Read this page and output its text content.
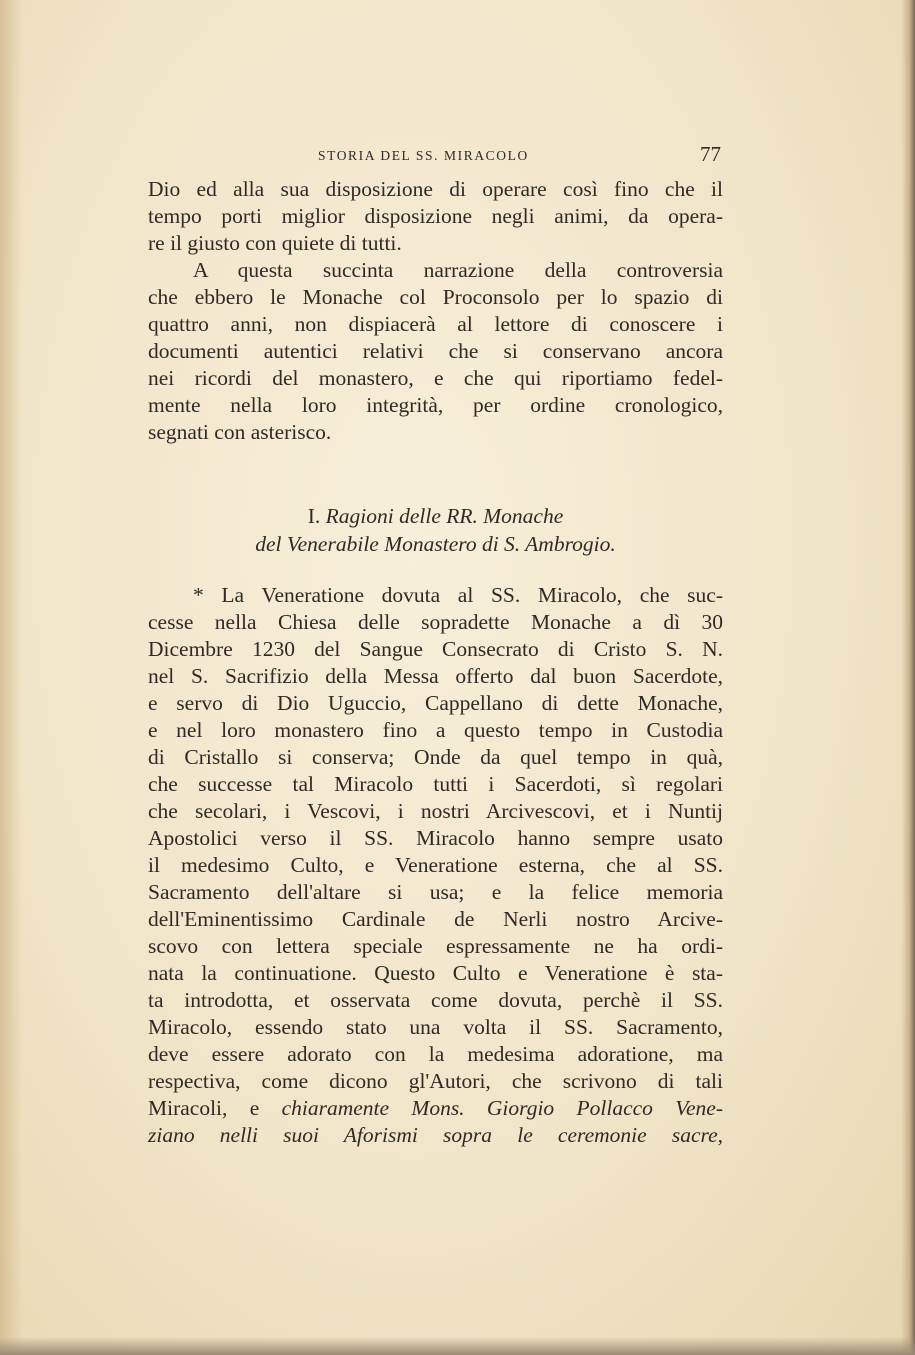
STORIA DEL SS. MIRACOLO	77
Dio ed alla sua disposizione di operare così fino che il
tempo porti miglior disposizione negli animi, da opera-
re il giusto con quiete di tutti.
A questa succinta narrazione della controversia
che ebbero le Monache col Proconsolo per lo spazio di
quattro anni, non dispiacerà al lettore di conoscere i
documenti autentici relativi che si conservano ancora
nei ricordi del monastero, e che qui riportiamo fedel-
mente nella loro integrità, per ordine cronologico,
segnati con asterisco.
I. Ragioni delle RR. Monache
del Venerabile Monastero di S. Ambrogio.
* La Veneratione dovuta al SS. Miracolo, che suc-
cesse nella Chiesa delle sopradette Monache a dì 30
Dicembre 1230 del Sangue Consecrato di Cristo S. N.
nel S. Sacrifizio della Messa offerto dal buon Sacerdote,
e servo di Dio Uguccio, Cappellano di dette Monache,
e nel loro monastero fino a questo tempo in Custodia
di Cristallo si conserva; Onde da quel tempo in quà,
che successe tal Miracolo tutti i Sacerdoti, sì regolari
che secolari, i Vescovi, i nostri Arcivescovi, et i Nuntij
Apostolici verso il SS. Miracolo hanno sempre usato
il medesimo Culto, e Veneratione esterna, che al SS.
Sacramento dell'altare si usa; e la felice memoria
dell'Eminentissimo Cardinale de Nerli nostro Arcive-
scovo con lettera speciale espressamente ne ha ordi-
nata la continuatione. Questo Culto e Veneratione è sta-
ta introdotta, et osservata come dovuta, perchè il SS.
Miracolo, essendo stato una volta il SS. Sacramento,
deve essere adorato con la medesima adoratione, ma
respectiva, come dicono gl'Autori, che scrivono di tali
Miracoli, e chiaramente Mons. Giorgio Pollacco Vene-
ziano nelli suoi Aforismi sopra le ceremonie sacre,
